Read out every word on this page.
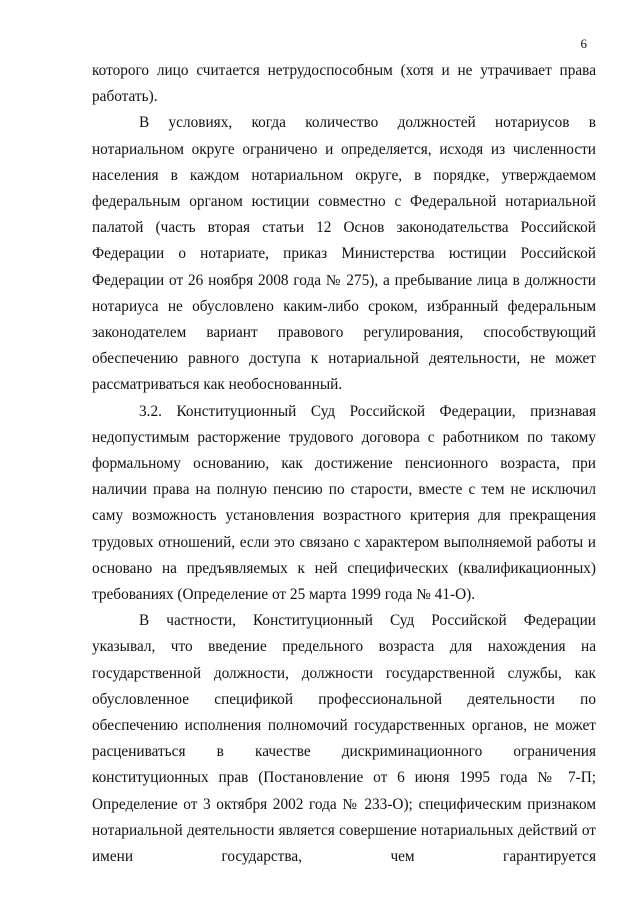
6

которого лицо считается нетрудоспособным (хотя и не утрачивает права работать).

В условиях, когда количество должностей нотариусов в нотариальном округе ограничено и определяется, исходя из численности населения в каждом нотариальном округе, в порядке, утверждаемом федеральным органом юстиции совместно с Федеральной нотариальной палатой (часть вторая статьи 12 Основ законодательства Российской Федерации о нотариате, приказ Министерства юстиции Российской Федерации от 26 ноября 2008 года № 275), а пребывание лица в должности нотариуса не обусловлено каким-либо сроком, избранный федеральным законодателем вариант правового регулирования, способствующий обеспечению равного доступа к нотариальной деятельности, не может рассматриваться как необоснованный.

3.2. Конституционный Суд Российской Федерации, признавая недопустимым расторжение трудового договора с работником по такому формальному основанию, как достижение пенсионного возраста, при наличии права на полную пенсию по старости, вместе с тем не исключил саму возможность установления возрастного критерия для прекращения трудовых отношений, если это связано с характером выполняемой работы и основано на предъявляемых к ней специфических (квалификационных) требованиях (Определение от 25 марта 1999 года № 41-О).

В частности, Конституционный Суд Российской Федерации указывал, что введение предельного возраста для нахождения на государственной должности, должности государственной службы, как обусловленное спецификой профессиональной деятельности по обеспечению исполнения полномочий государственных органов, не может расцениваться в качестве дискриминационного ограничения конституционных прав (Постановление от 6 июня 1995 года № 7-П; Определение от 3 октября 2002 года № 233-О); специфическим признаком нотариальной деятельности является совершение нотариальных действий от имени государства, чем гарантируется
